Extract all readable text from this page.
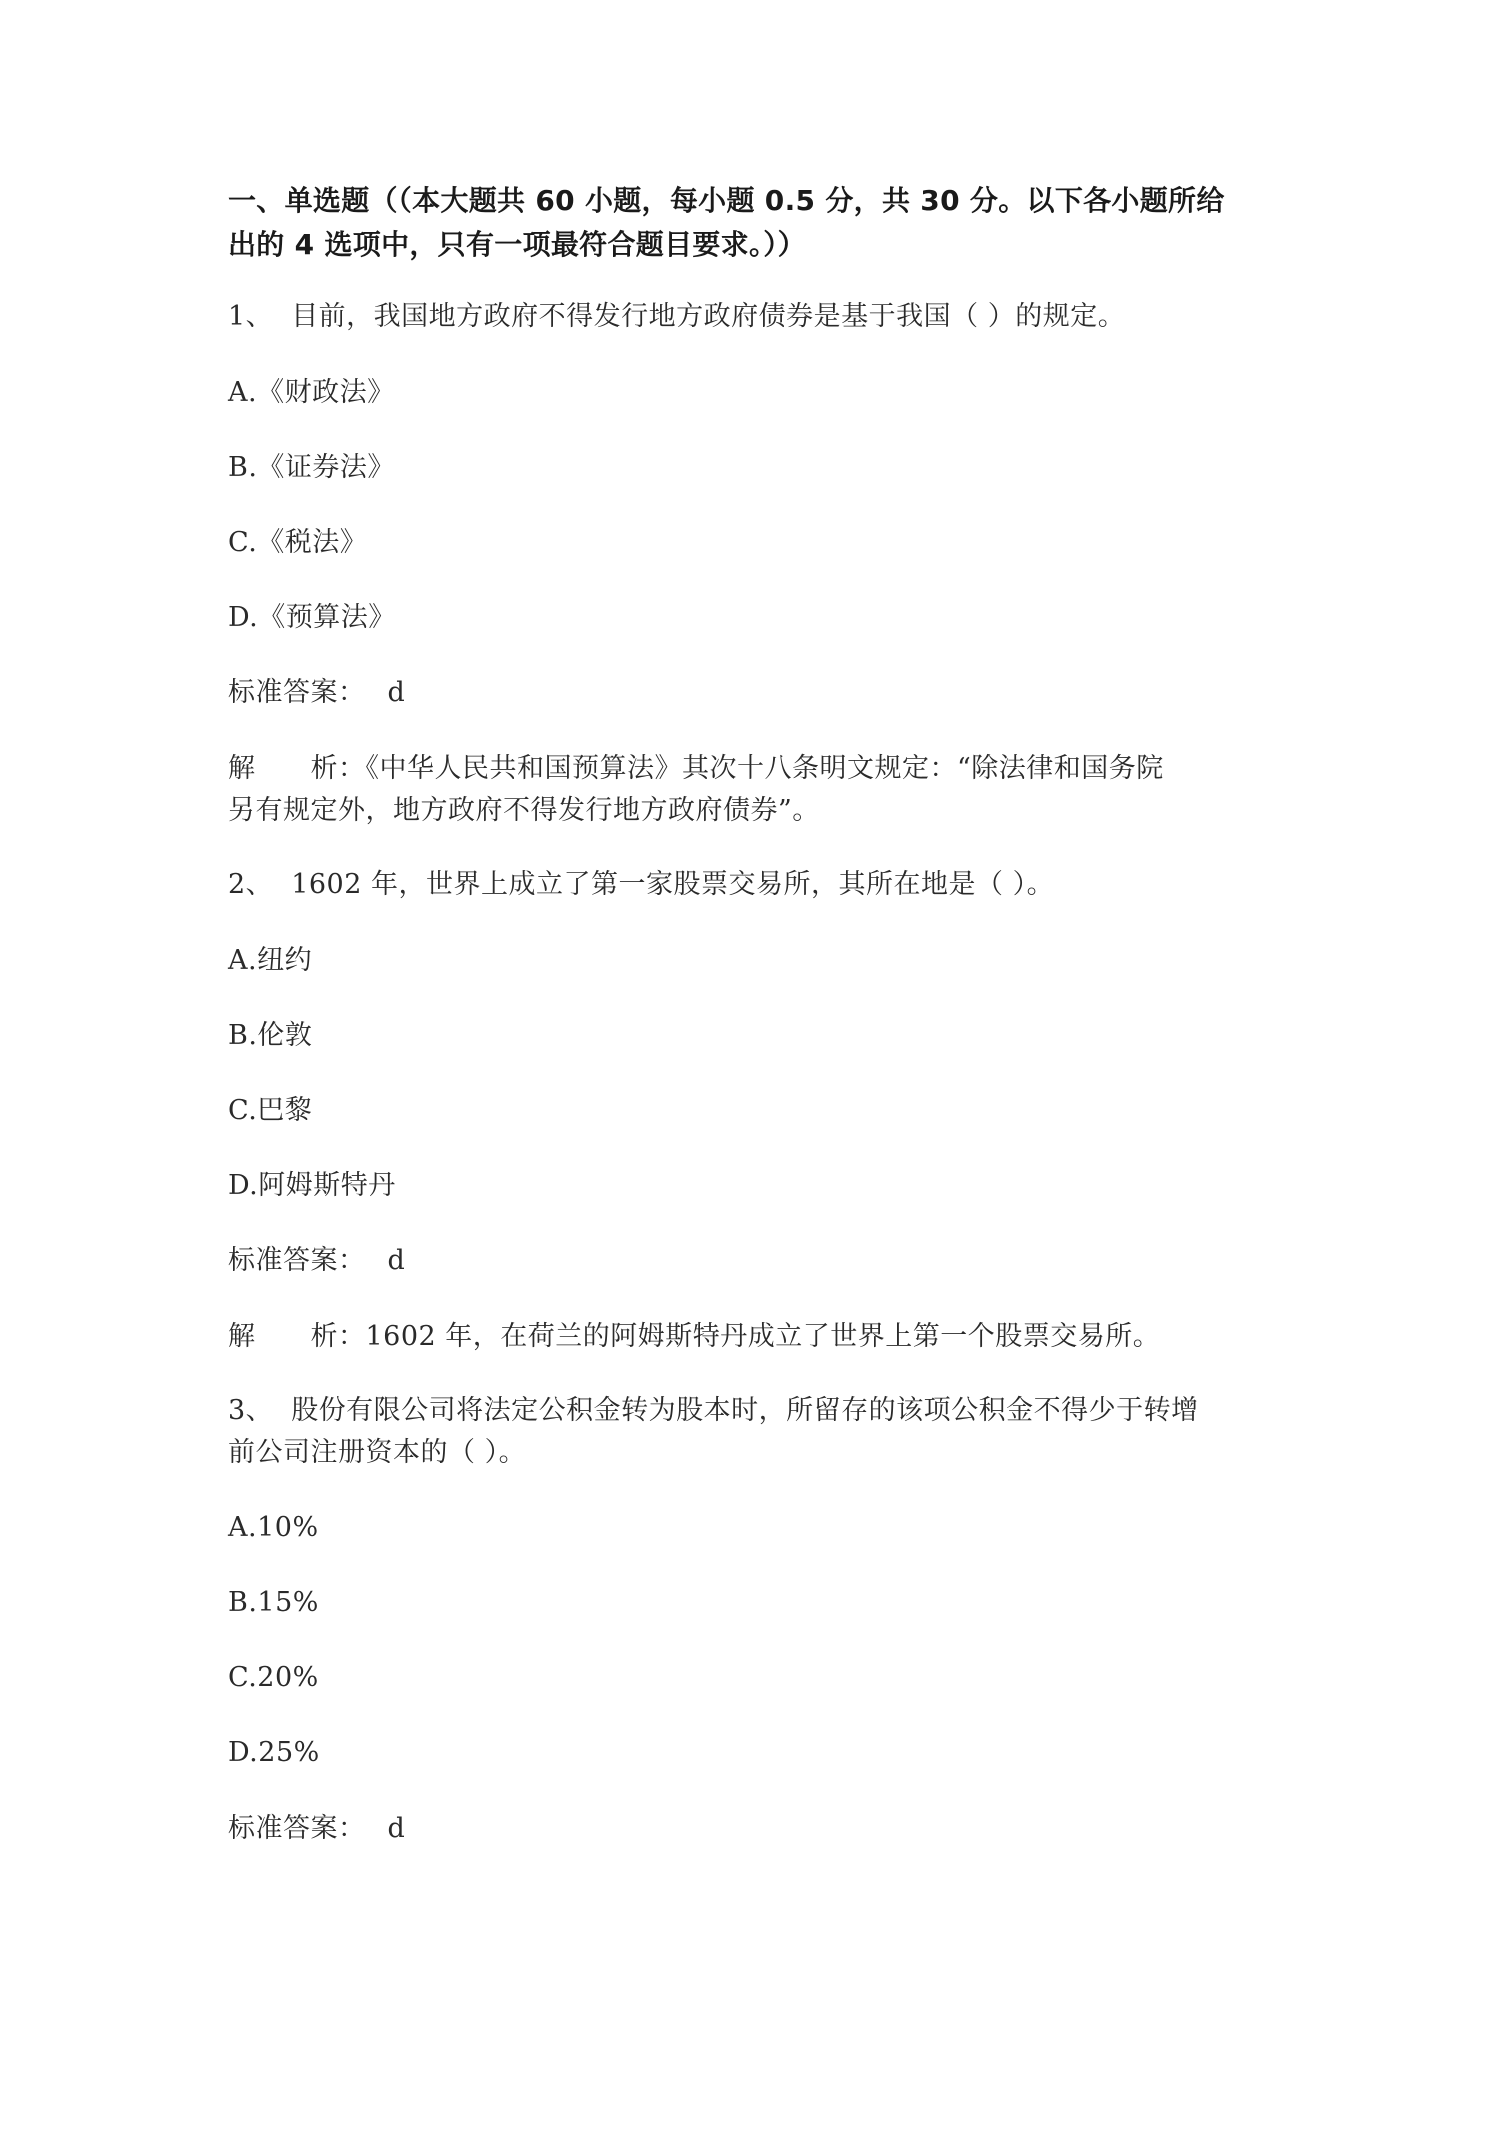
一、单选题（（本大题共 60 小题，每小题 0.5 分，共 30 分。以下各小题所给
出的 4 选项中，只有一项最符合题目要求。））
1、 目前，我国地方政府不得发行地方政府债券是基于我国（ ）的规定。
A.《财政法》
B.《证券法》
C.《税法》
D.《预算法》
标准答案： d
解　　析：《中华人民共和国预算法》其次十八条明文规定：“除法律和国务院
另有规定外，地方政府不得发行地方政府债券”。
2、 1602 年，世界上成立了第一家股票交易所，其所在地是（ ）。
A.纽约
B.伦敦
C.巴黎
D.阿姆斯特丹
标准答案： d
解　　析：1602 年，在荷兰的阿姆斯特丹成立了世界上第一个股票交易所。
3、 股份有限公司将法定公积金转为股本时，所留存的该项公积金不得少于转增
前公司注册资本的（ ）。
A.10%
B.15%
C.20%
D.25%
标准答案： d
